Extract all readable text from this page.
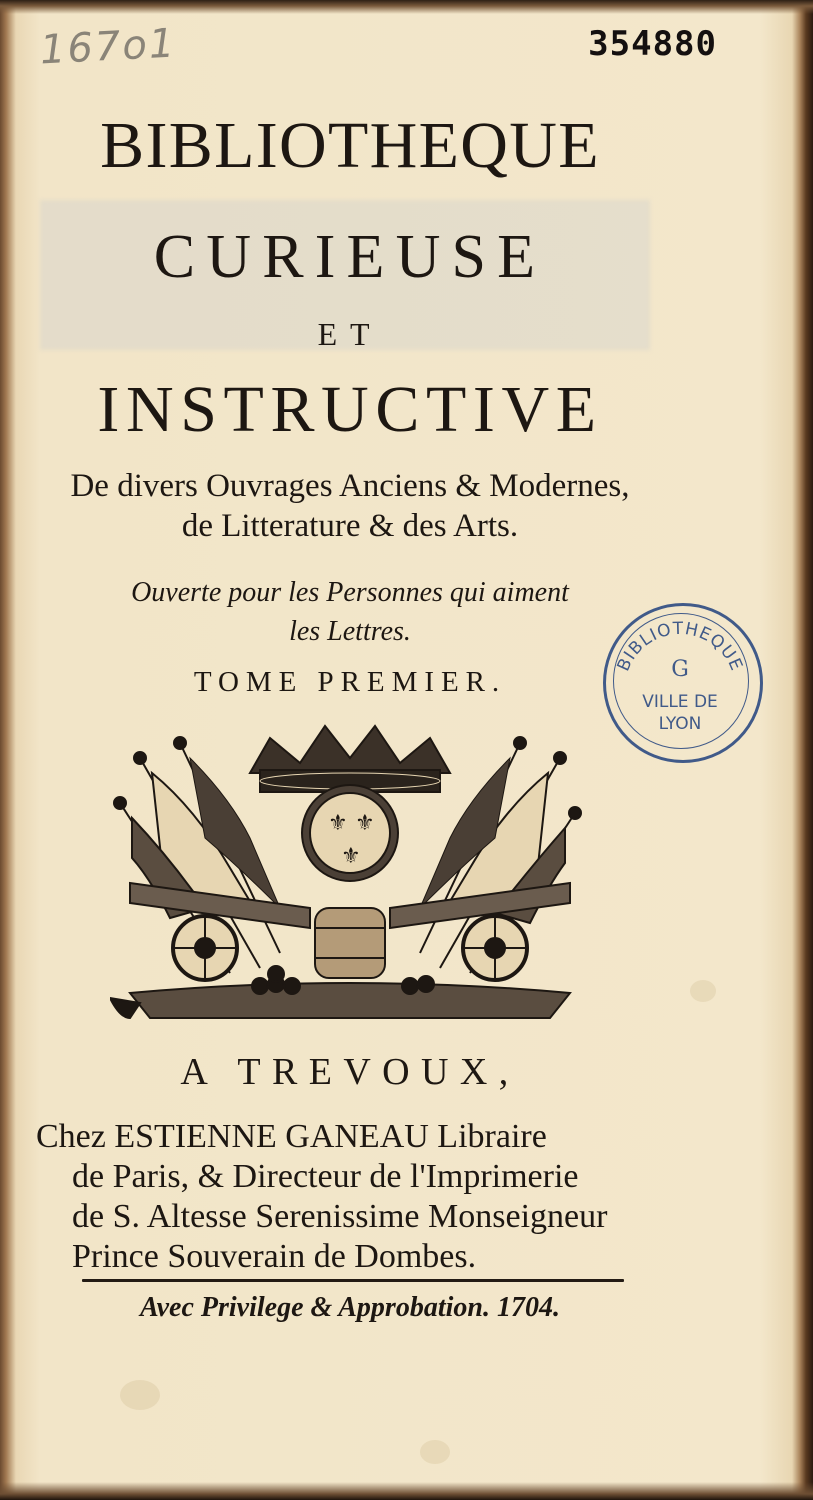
167o1	354880
BIBLIOTHEQUE
CURIEUSE
ET
INSTRUCTIVE
De divers Ouvrages Anciens & Modernes,
de Litterature & des Arts.
Ouverte pour les Personnes qui aiment
les Lettres.
TOME PREMIER.
BIBLIOTHEQUE
G
VILLE DE
LYON
⚜ ⚜
⚜
A TREVOUX,
Chez ESTIENNE GANEAU Libraire
de Paris, & Directeur de l'Imprimerie
de S. Altesse Serenissime Monseigneur
Prince Souverain de Dombes.
Avec Privilege & Approbation. 1704.
